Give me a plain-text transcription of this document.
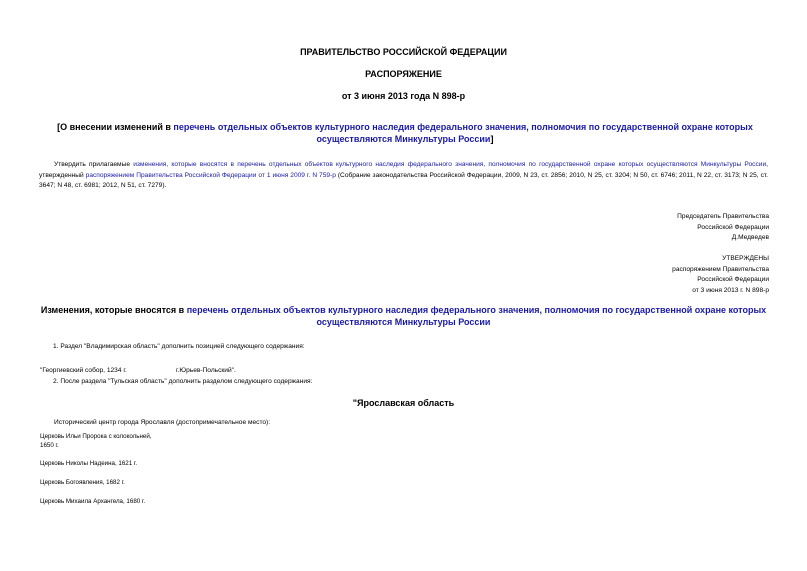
ПРАВИТЕЛЬСТВО РОССИЙСКОЙ ФЕДЕРАЦИИ
РАСПОРЯЖЕНИЕ
от 3 июня 2013 года N 898-р
[О внесении изменений в перечень отдельных объектов культурного наследия федерального значения, полномочия по государственной охране которых осуществляются Минкультуры России]
Утвердить прилагаемые изменения, которые вносятся в перечень отдельных объектов культурного наследия федерального значения, полномочия по государственной охране которых осуществляются Минкультуры России, утвержденный распоряжением Правительства Российской Федерации от 1 июня 2009 г. N 759-р (Собрание законодательства Российской Федерации, 2009, N 23, ст. 2856; 2010, N 25, ст. 3204; N 50, ст. 6746; 2011, N 22, ст. 3173; N 25, ст. 3647; N 48, ст. 6981; 2012, N 51, ст. 7279).
Председатель Правительства
Российской Федерации
Д.Медведев
УТВЕРЖДЕНЫ
распоряжением Правительства
Российской Федерации
от 3 июня 2013 г. N 898-р
Изменения, которые вносятся в перечень отдельных объектов культурного наследия федерального значения, полномочия по государственной охране которых осуществляются Минкультуры России
1. Раздел "Владимирская область" дополнить позицией следующего содержания:
"Георгиевский собор, 1234 г.	г.Юрьев-Польский".
2. После раздела "Тульская область" дополнить разделом следующего содержания:
"Ярославская область
Исторический центр города Ярославля (достопримечательное место):
Церковь Ильи Пророка с колокольней,
1650 г.
Церковь Николы Надеина, 1621 г.
Церковь Богоявления, 1682 г.
Церковь Михаила Архангела, 1680 г.
